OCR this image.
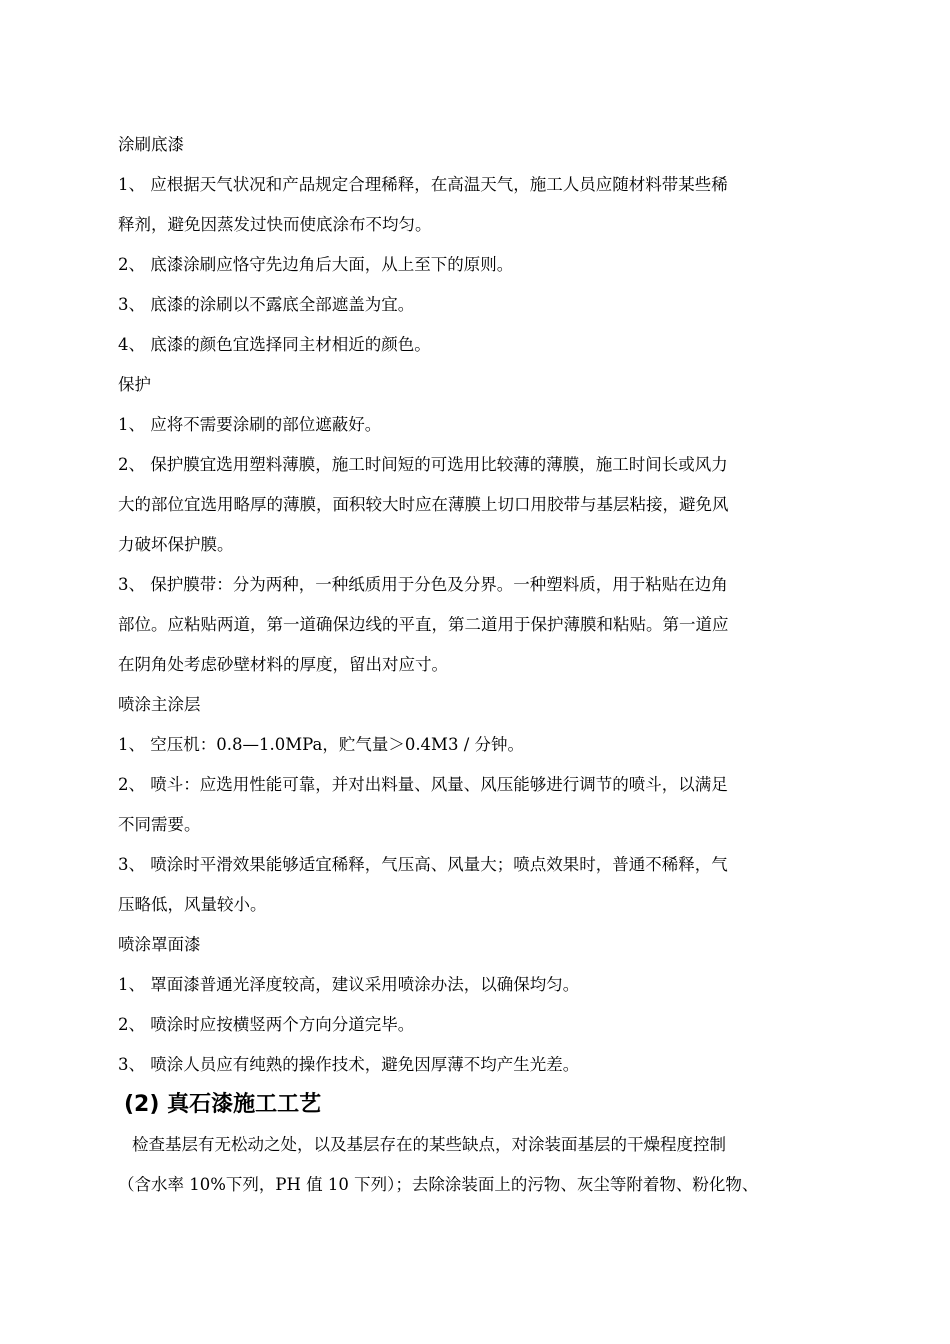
涂刷底漆
1、 应根据天气状况和产品规定合理稀释，在高温天气，施工人员应随材料带某些稀
释剂，避免因蒸发过快而使底涂布不均匀。
2、 底漆涂刷应恪守先边角后大面，从上至下的原则。
3、 底漆的涂刷以不露底全部遮盖为宜。
4、 底漆的颜色宜选择同主材相近的颜色。
保护
1、 应将不需要涂刷的部位遮蔽好。
2、 保护膜宜选用塑料薄膜，施工时间短的可选用比较薄的薄膜，施工时间长或风力
大的部位宜选用略厚的薄膜，面积较大时应在薄膜上切口用胶带与基层粘接，避免风
力破坏保护膜。
3、 保护膜带：分为两种，一种纸质用于分色及分界。一种塑料质，用于粘贴在边角
部位。应粘贴两道，第一道确保边线的平直，第二道用于保护薄膜和粘贴。第一道应
在阴角处考虑砂壁材料的厚度，留出对应寸。
喷涂主涂层
1、 空压机：0.8—1.0MPa，贮气量＞0.4M3 / 分钟。
2、 喷斗：应选用性能可靠，并对出料量、风量、风压能够进行调节的喷斗，以满足
不同需要。
3、 喷涂时平滑效果能够适宜稀释，气压高、风量大；喷点效果时，普通不稀释，气
压略低，风量较小。
喷涂罩面漆
1、 罩面漆普通光泽度较高，建议采用喷涂办法，以确保均匀。
2、 喷涂时应按横竖两个方向分道完毕。
3、 喷涂人员应有纯熟的操作技术，避免因厚薄不均产生光差。
(2) 真石漆施工工艺
检查基层有无松动之处，以及基层存在的某些缺点，对涂装面基层的干燥程度控制
（含水率 10%下列，PH 值 10 下列）；去除涂装面上的污物、灰尘等附着物、粉化物、
